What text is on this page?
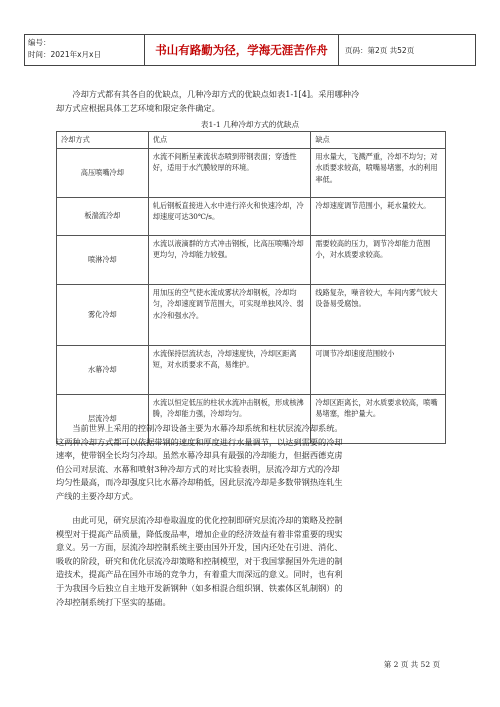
编号：
时间：2021年x月x日	书山有路勤为径，学海无涯苦作舟	页码：第2页 共52页
冷却方式都有其各自的优缺点，几种冷却方式的优缺点如表1-1[4]。采用哪种冷
却方式应根据具体工艺环境和限定条件确定。
表1-1 几种冷却方式的优缺点
冷却方式	优点	缺点
高压喷嘴冷却	水流不间断呈紊流状态喷到带钢表面；穿透性好，适用于水汽膜较厚的环境。	用水量大，飞溅严重，冷却不均匀；对水质要求较高，喷嘴易堵塞，水的利用率低。
板湍流冷却	轧后钢板直接进入水中进行淬火和快速冷却，冷却速度可达30℃/s。	冷却速度调节范围小，耗水量较大。
喷淋冷却	水流以液滴群的方式冲击钢板，比高压喷嘴冷却更均匀，冷却能力较强。	需要较高的压力，调节冷却能力范围小，对水质要求较高。
雾化冷却	用加压的空气使水流成雾状冷却钢板，冷却均匀，冷却速度调节范围大，可实现单独风冷、弱水冷和强水冷。	线路复杂，噪音较大，车间内雾气较大设备易受腐蚀。
水幕冷却	水流保持层流状态，冷却速度快，冷却区距离短，对水质要求不高，易维护。	可调节冷却速度范围较小
层流冷却	水流以恒定低压的柱状水流冲击钢板，形成核沸腾，冷却能力强，冷却均匀。	冷却区距离长，对水质要求较高，喷嘴易堵塞，维护量大。
当前世界上采用的控制冷却设备主要为水幕冷却系统和柱状层流冷却系统。
这两种冷却方式都可以依据带钢的速度和厚度进行水量调节，以达到需要的冷却
速率，使带钢全长均匀冷却。虽然水幕冷却具有最强的冷却能力，但据西德克虏
伯公司对层流、水幕和喷射3种冷却方式的对比实验表明，层流冷却方式的冷却
均匀性最高，而冷却强度只比水幕冷却稍低，因此层流冷却是多数带钢热连轧生
产线的主要冷却方式。
由此可见，研究层流冷却卷取温度的优化控制即研究层流冷却的策略及控制
模型对于提高产品质量，降低废品率，增加企业的经济效益有着非常重要的现实
意义。另一方面，层流冷却控制系统主要由国外开发，国内还处在引进、消化、
吸收的阶段，研究和优化层流冷却策略和控制模型，对于我国掌握国外先进的制
造技术，提高产品在国外市场的竞争力，有着重大而深远的意义。同时，也有利
于为我国今后独立自主地开发新钢种（如多相混合组织钢、铁素体区轧制钢）的
冷却控制系统打下坚实的基础。
第 2 页 共 52 页
